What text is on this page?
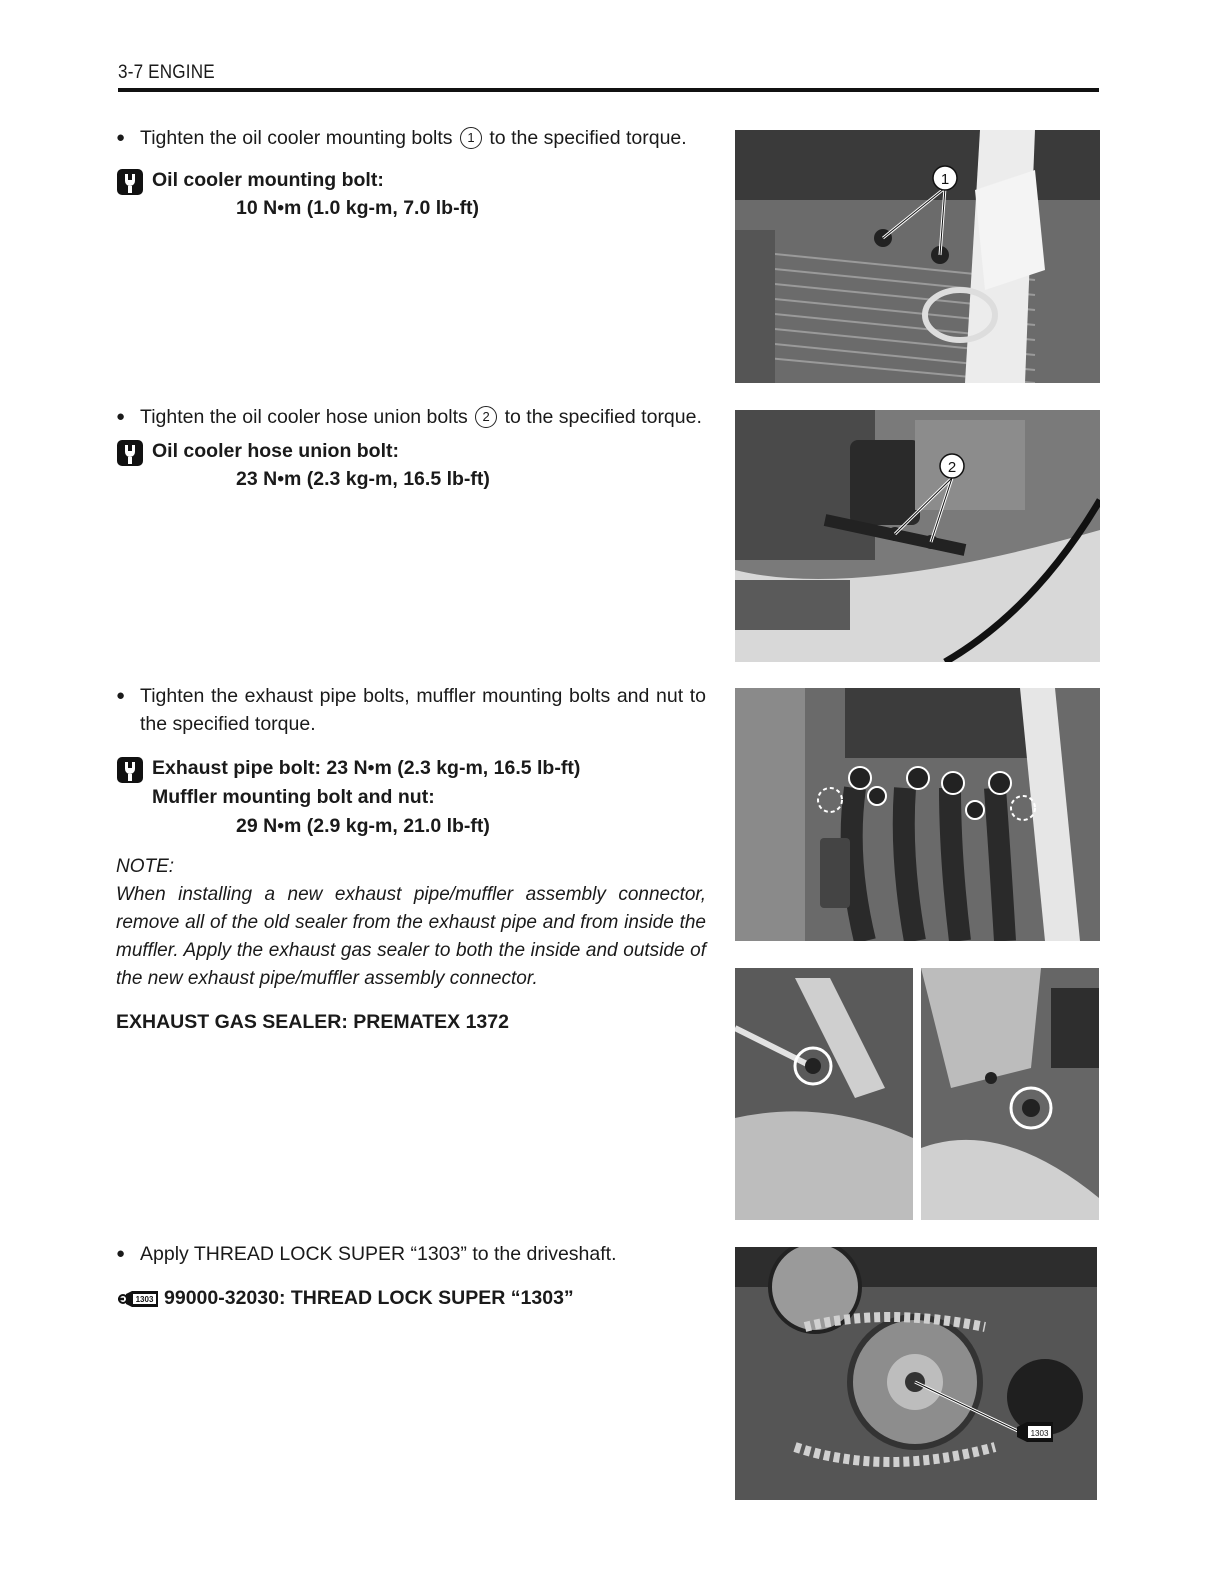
3-7 ENGINE
● Tighten the oil cooler mounting bolts 1 to the specified torque.
Oil cooler mounting bolt:
10 N•m (1.0 kg-m, 7.0 lb-ft)
● Tighten the oil cooler hose union bolts 2 to the specified torque.
Oil cooler hose union bolt:
23 N•m (2.3 kg-m, 16.5 lb-ft)
● Tighten the exhaust pipe bolts, muffler mounting bolts and nut to the specified torque.
Exhaust pipe bolt: 23 N•m (2.3 kg-m, 16.5 lb-ft)
Muffler mounting bolt and nut:
29 N•m (2.9 kg-m, 21.0 lb-ft)
NOTE:
When installing a new exhaust pipe/muffler assembly connector, remove all of the old sealer from the exhaust pipe and from inside the muffler. Apply the exhaust gas sealer to both the inside and outside of the new exhaust pipe/muffler assembly connector.
EXHAUST GAS SEALER: PREMATEX 1372
● Apply THREAD LOCK SUPER “1303” to the driveshaft.
1303 99000-32030: THREAD LOCK SUPER “1303”
1
2
1303
